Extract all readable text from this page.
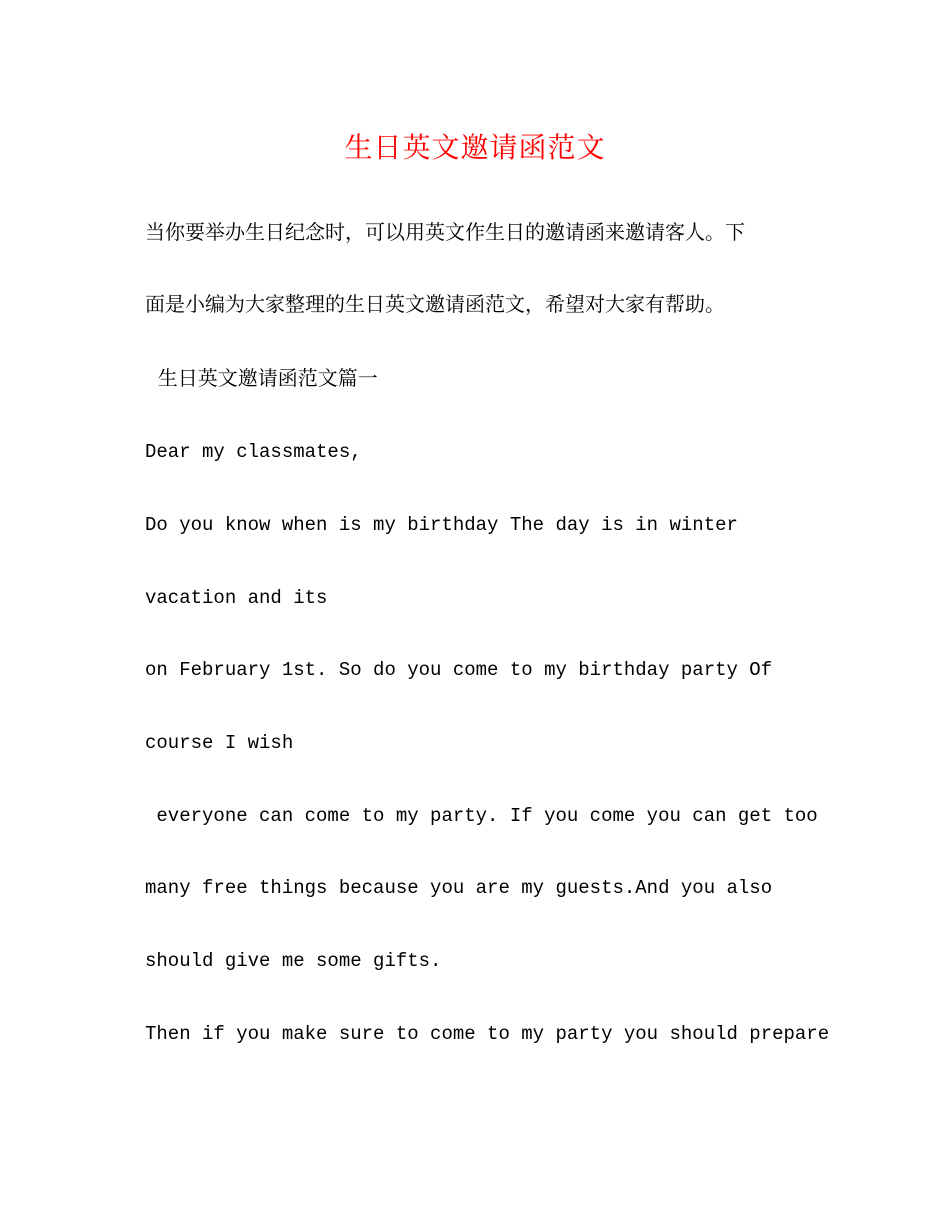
生日英文邀请函范文
当你要举办生日纪念时，可以用英文作生日的邀请函来邀请客人。下
面是小编为大家整理的生日英文邀请函范文，希望对大家有帮助。
生日英文邀请函范文篇一
Dear my classmates,
Do you know when is my birthday The day is in winter
vacation and its
on February 1st. So do you come to my birthday party Of
course I wish
everyone can come to my party. If you come you can get too
many free things because you are my guests.And you also
should give me some gifts.
Then if you make sure to come to my party you should prepare
